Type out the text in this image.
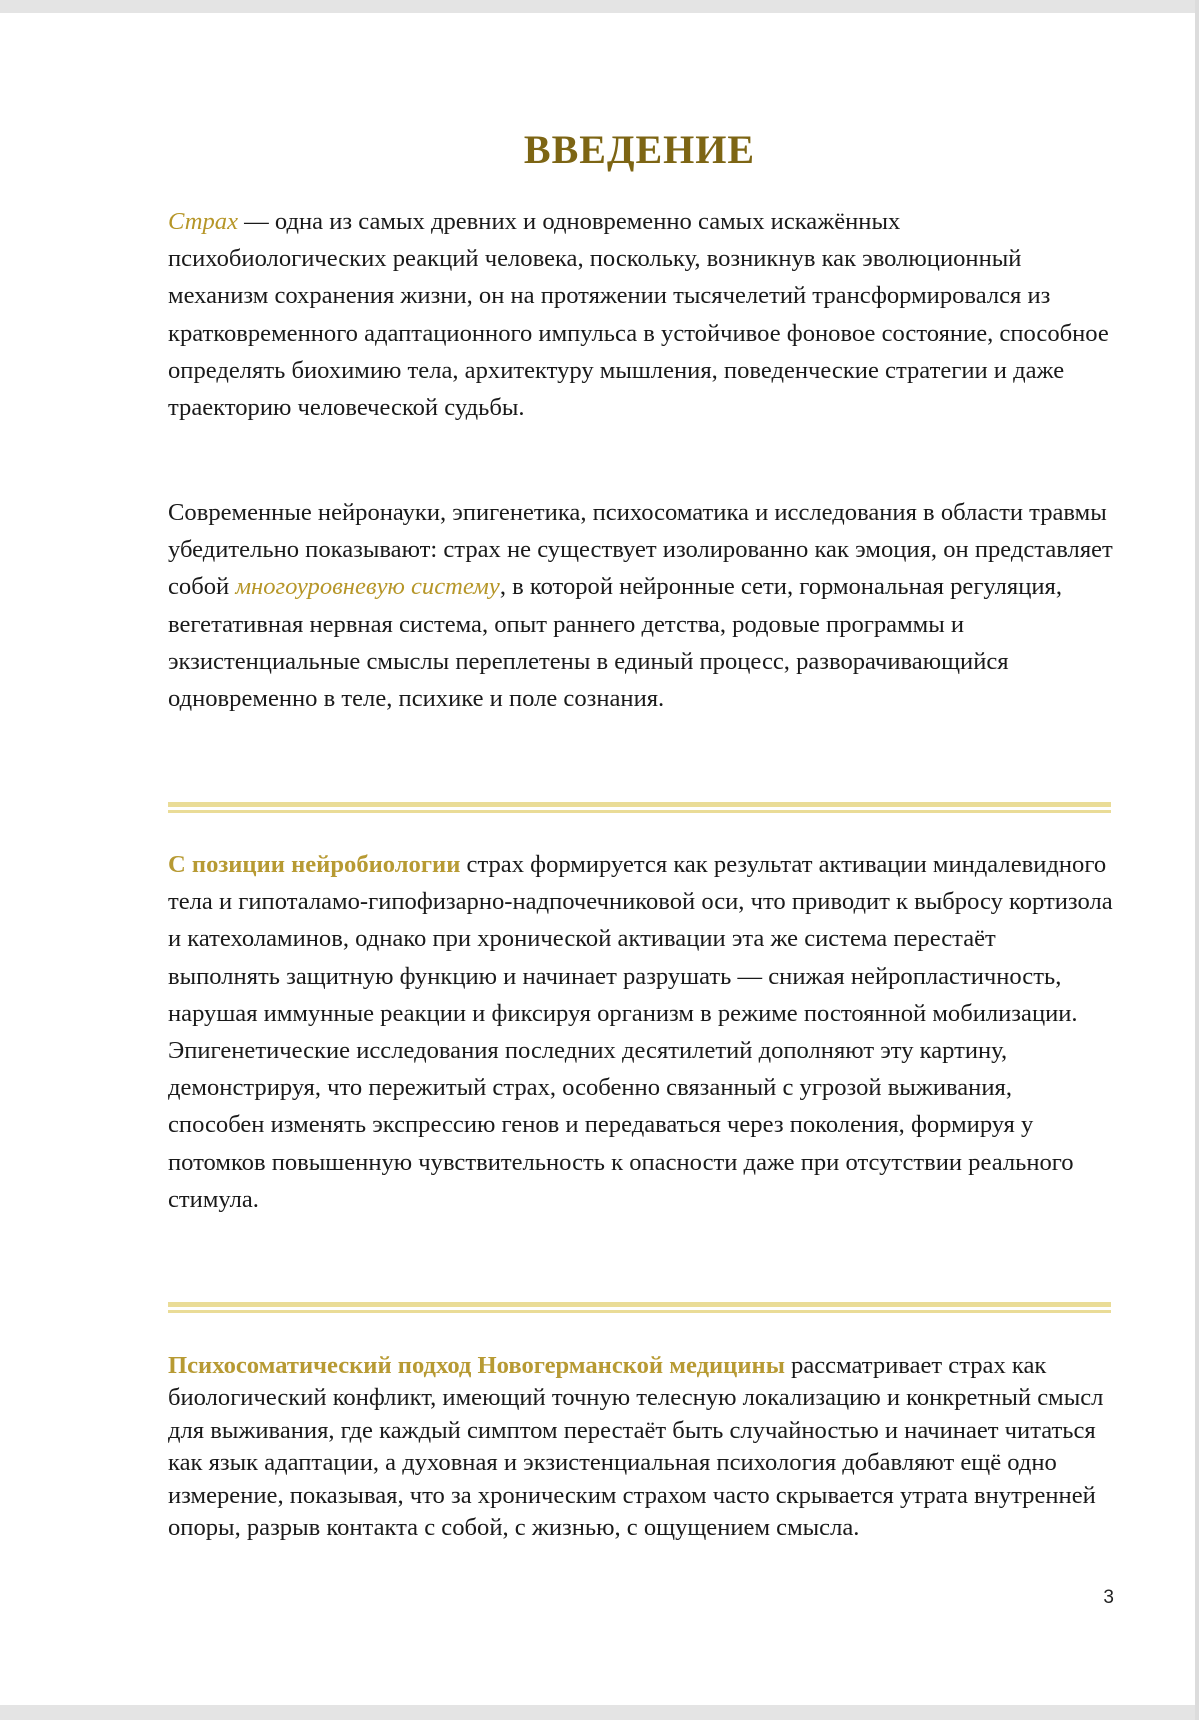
ВВЕДЕНИЕ

Страх — одна из самых древних и одновременно самых искажённых психобиологических реакций человека, поскольку, возникнув как эволюционный механизм сохранения жизни, он на протяжении тысячелетий трансформировался из кратковременного адаптационного импульса в устойчивое фоновое состояние, способное определять биохимию тела, архитектуру мышления, поведенческие стратегии и даже траекторию человеческой судьбы.

Современные нейронауки, эпигенетика, психосоматика и исследования в области травмы убедительно показывают: страх не существует изолированно как эмоция, он представляет собой многоуровневую систему, в которой нейронные сети, гормональная регуляция, вегетативная нервная система, опыт раннего детства, родовые программы и экзистенциальные смыслы переплетены в единый процесс, разворачивающийся одновременно в теле, психике и поле сознания.

С позиции нейробиологии страх формируется как результат активации миндалевидного тела и гипоталамо-гипофизарно-надпочечниковой оси, что приводит к выбросу кортизола и катехоламинов, однако при хронической активации эта же система перестаёт выполнять защитную функцию и начинает разрушать — снижая нейропластичность, нарушая иммунные реакции и фиксируя организм в режиме постоянной мобилизации. Эпигенетические исследования последних десятилетий дополняют эту картину, демонстрируя, что пережитый страх, особенно связанный с угрозой выживания, способен изменять экспрессию генов и передаваться через поколения, формируя у потомков повышенную чувствительность к опасности даже при отсутствии реального стимула.

Психосоматический подход Новогерманской медицины рассматривает страх как биологический конфликт, имеющий точную телесную локализацию и конкретный смысл для выживания, где каждый симптом перестаёт быть случайностью и начинает читаться как язык адаптации, а духовная и экзистенциальная психология добавляют ещё одно измерение, показывая, что за хроническим страхом часто скрывается утрата внутренней опоры, разрыв контакта с собой, с жизнью, с ощущением смысла.

3
